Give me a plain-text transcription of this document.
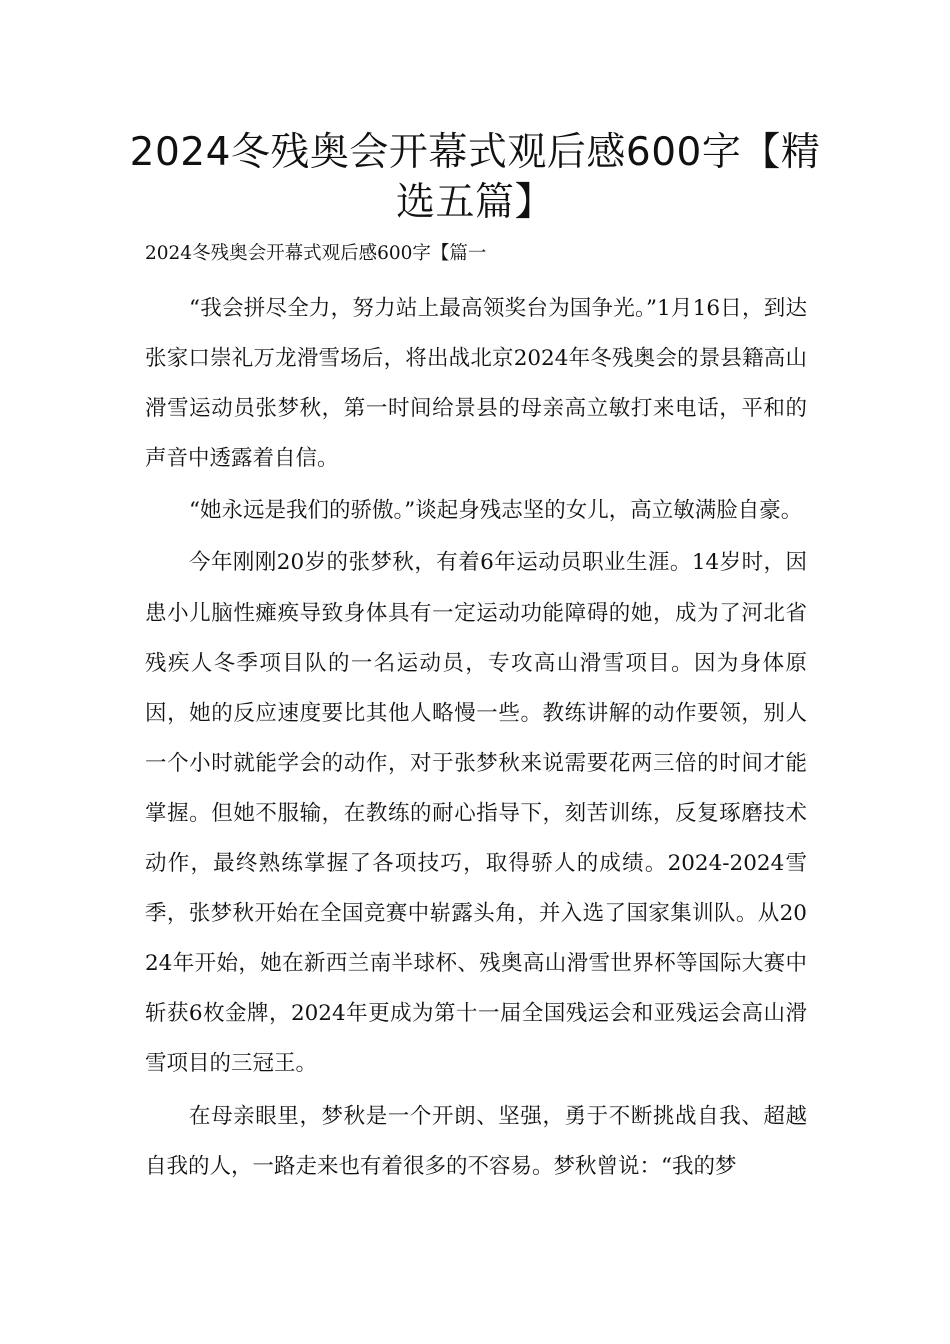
2024冬残奥会开幕式观后感600字【精选五篇】
2024冬残奥会开幕式观后感600字【篇一

“我会拼尽全力，努力站上最高领奖台为国争光。”1月16日，到达张家口崇礼万龙滑雪场后，将出战北京2024年冬残奥会的景县籍高山滑雪运动员张梦秋，第一时间给景县的母亲高立敏打来电话，平和的声音中透露着自信。

“她永远是我们的骄傲。”谈起身残志坚的女儿，高立敏满脸自豪。

今年刚刚20岁的张梦秋，有着6年运动员职业生涯。14岁时，因患小儿脑性瘫痪导致身体具有一定运动功能障碍的她，成为了河北省残疾人冬季项目队的一名运动员，专攻高山滑雪项目。因为身体原因，她的反应速度要比其他人略慢一些。教练讲解的动作要领，别人一个小时就能学会的动作，对于张梦秋来说需要花两三倍的时间才能掌握。但她不服输，在教练的耐心指导下，刻苦训练，反复琢磨技术动作，最终熟练掌握了各项技巧，取得骄人的成绩。2024-2024雪季，张梦秋开始在全国竞赛中崭露头角，并入选了国家集训队。从2024年开始，她在新西兰南半球杯、残奥高山滑雪世界杯等国际大赛中斩获6枚金牌，2024年更成为第十一届全国残运会和亚残运会高山滑雪项目的三冠王。

在母亲眼里，梦秋是一个开朗、坚强，勇于不断挑战自我、超越自我的人，一路走来也有着很多的不容易。梦秋曾说：“我的梦
